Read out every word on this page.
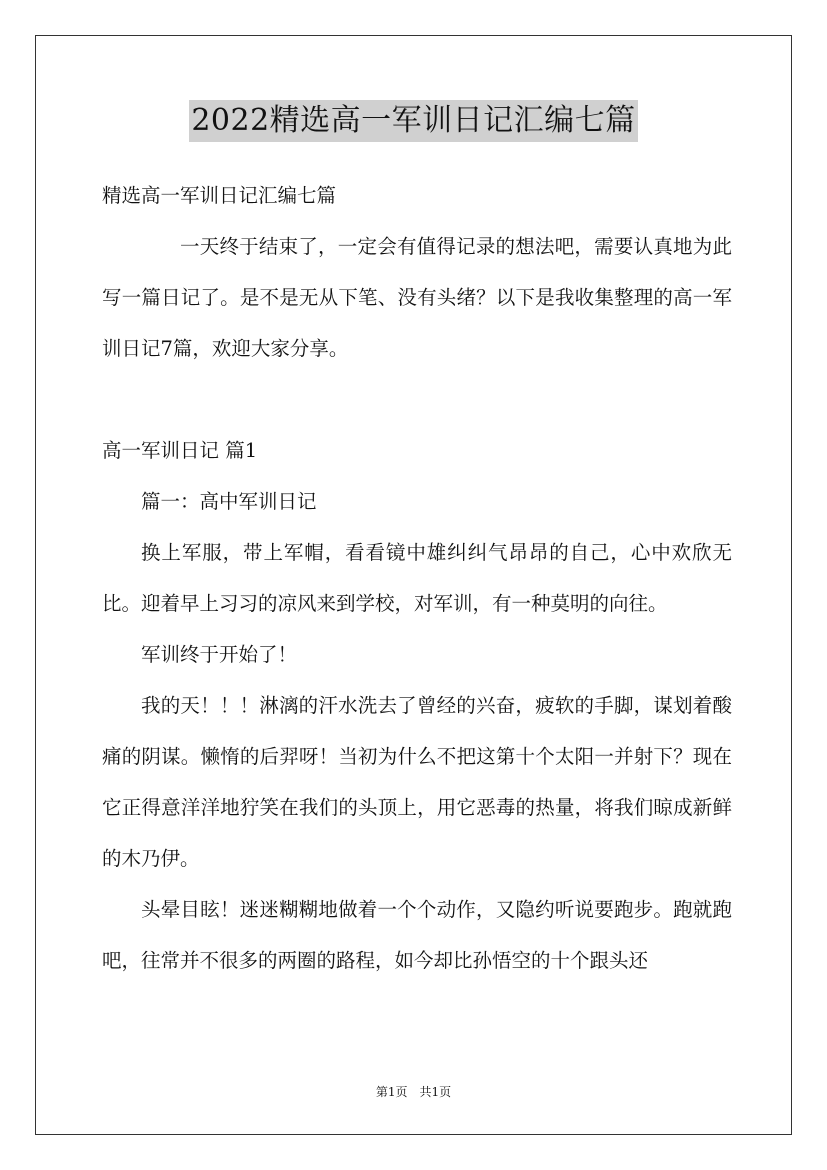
2022精选高一军训日记汇编七篇

精选高一军训日记汇编七篇

一天终于结束了，一定会有值得记录的想法吧，需要认真地为此写一篇日记了。是不是无从下笔、没有头绪？以下是我收集整理的高一军训日记7篇，欢迎大家分享。

高一军训日记 篇1

篇一：高中军训日记

换上军服，带上军帽，看看镜中雄纠纠气昂昂的自己，心中欢欣无比。迎着早上习习的凉风来到学校，对军训，有一种莫明的向往。

军训终于开始了！

我的天！！！淋漓的汗水洗去了曾经的兴奋，疲软的手脚，谋划着酸痛的阴谋。懒惰的后羿呀！当初为什么不把这第十个太阳一并射下？现在它正得意洋洋地狞笑在我们的头顶上，用它恶毒的热量，将我们晾成新鲜的木乃伊。

头晕目眩！迷迷糊糊地做着一个个动作，又隐约听说要跑步。跑就跑吧，往常并不很多的两圈的路程，如今却比孙悟空的十个跟头还

第1页　共1页
